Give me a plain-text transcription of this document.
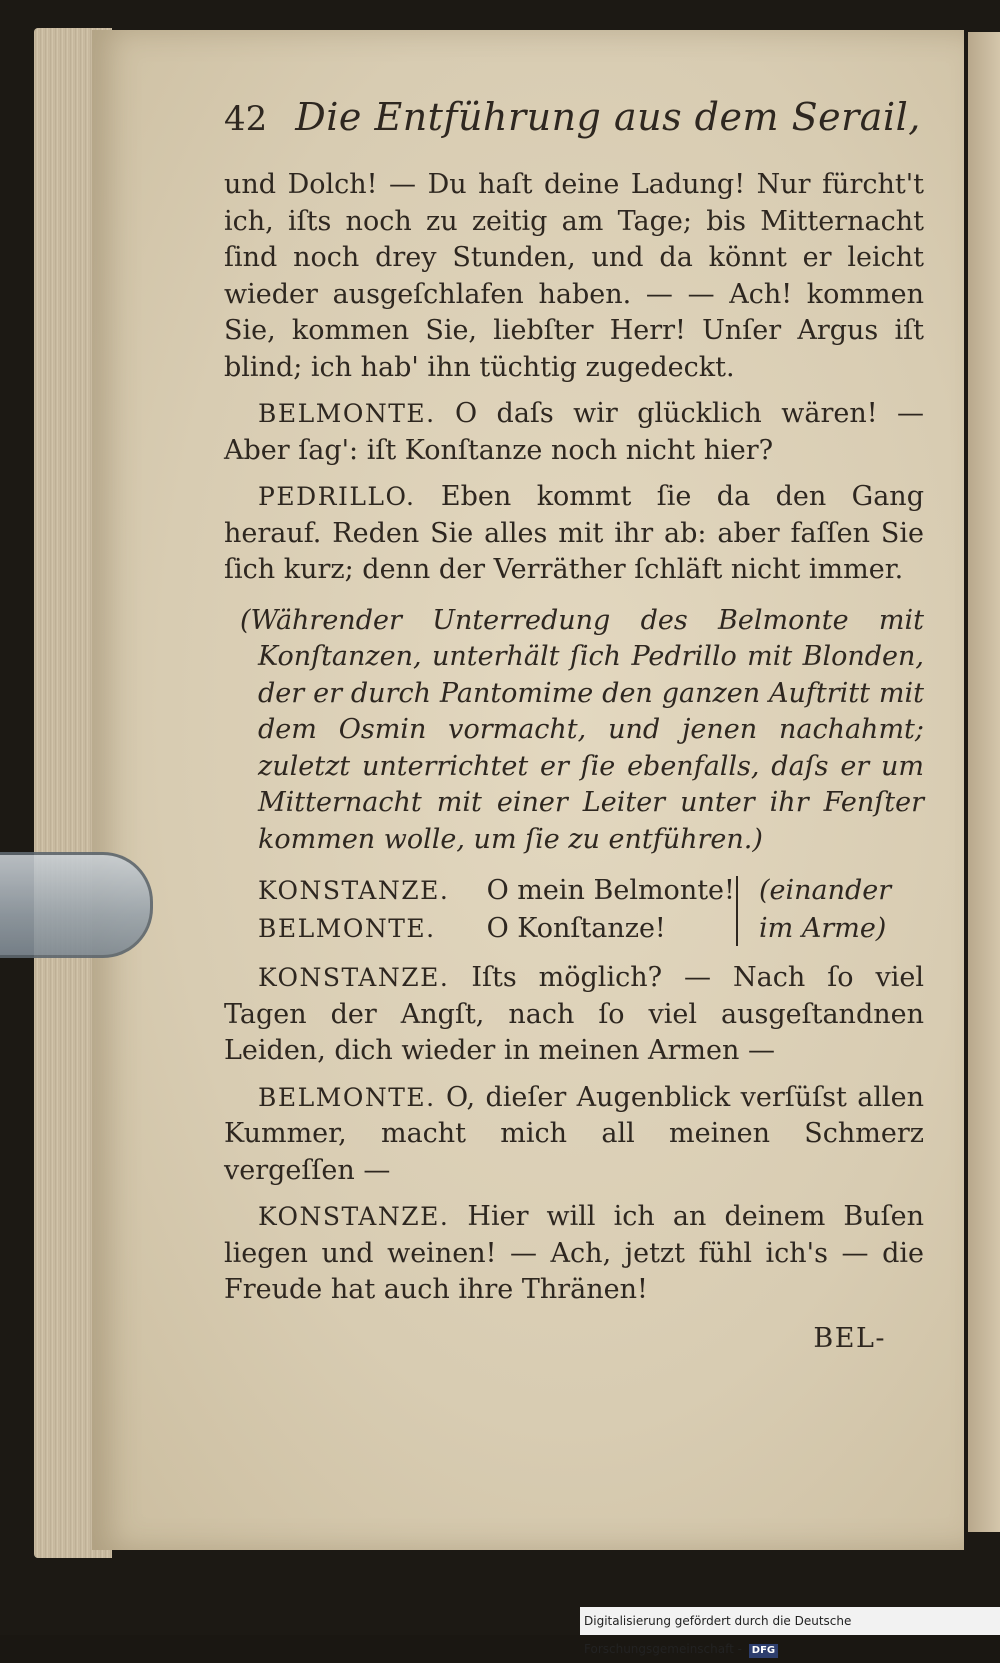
42 Die Entführung aus dem Serail,

und Dolch! — Du haſt deine Ladung! Nur fürcht't ich, iſts noch zu zeitig am Tage; bis Mitternacht ſind noch drey Stunden, und da könnt er leicht wieder ausgeſchlafen haben. — — Ach! kommen Sie, kommen Sie, liebſter Herr! Unſer Argus iſt blind; ich hab' ihn tüchtig zugedeckt.

BELMONTE. O daſs wir glücklich wären! — Aber ſag': iſt Konſtanze noch nicht hier?

PEDRILLO. Eben kommt ſie da den Gang herauf. Reden Sie alles mit ihr ab: aber faſſen Sie ſich kurz; denn der Verräther ſchläft nicht immer.

(Währender Unterredung des Belmonte mit Konſtanzen, unterhält ſich Pedrillo mit Blonden, der er durch Pantomime den ganzen Auftritt mit dem Osmin vormacht, und jenen nachahmt; zuletzt unterrichtet er ſie ebenfalls, daſs er um Mitternacht mit einer Leiter unter ihr Fenſter kommen wolle, um ſie zu entführen.)

KONSTANZE. O mein Belmonte!
BELMONTE. O Konſtanze!
(einander im Arme)

KONSTANZE. Iſts möglich? — Nach ſo viel Tagen der Angſt, nach ſo viel ausgeſtandnen Leiden, dich wieder in meinen Armen —

BELMONTE. O, dieſer Augenblick verſüſst allen Kummer, macht mich all meinen Schmerz vergeſſen —

KONSTANZE. Hier will ich an deinem Buſen liegen und weinen! — Ach, jetzt fühl ich's — die Freude hat auch ihre Thränen!

BEL-
Digitalisierung gefördert durch die Deutsche Forschungsgemeinschaft - DFG
